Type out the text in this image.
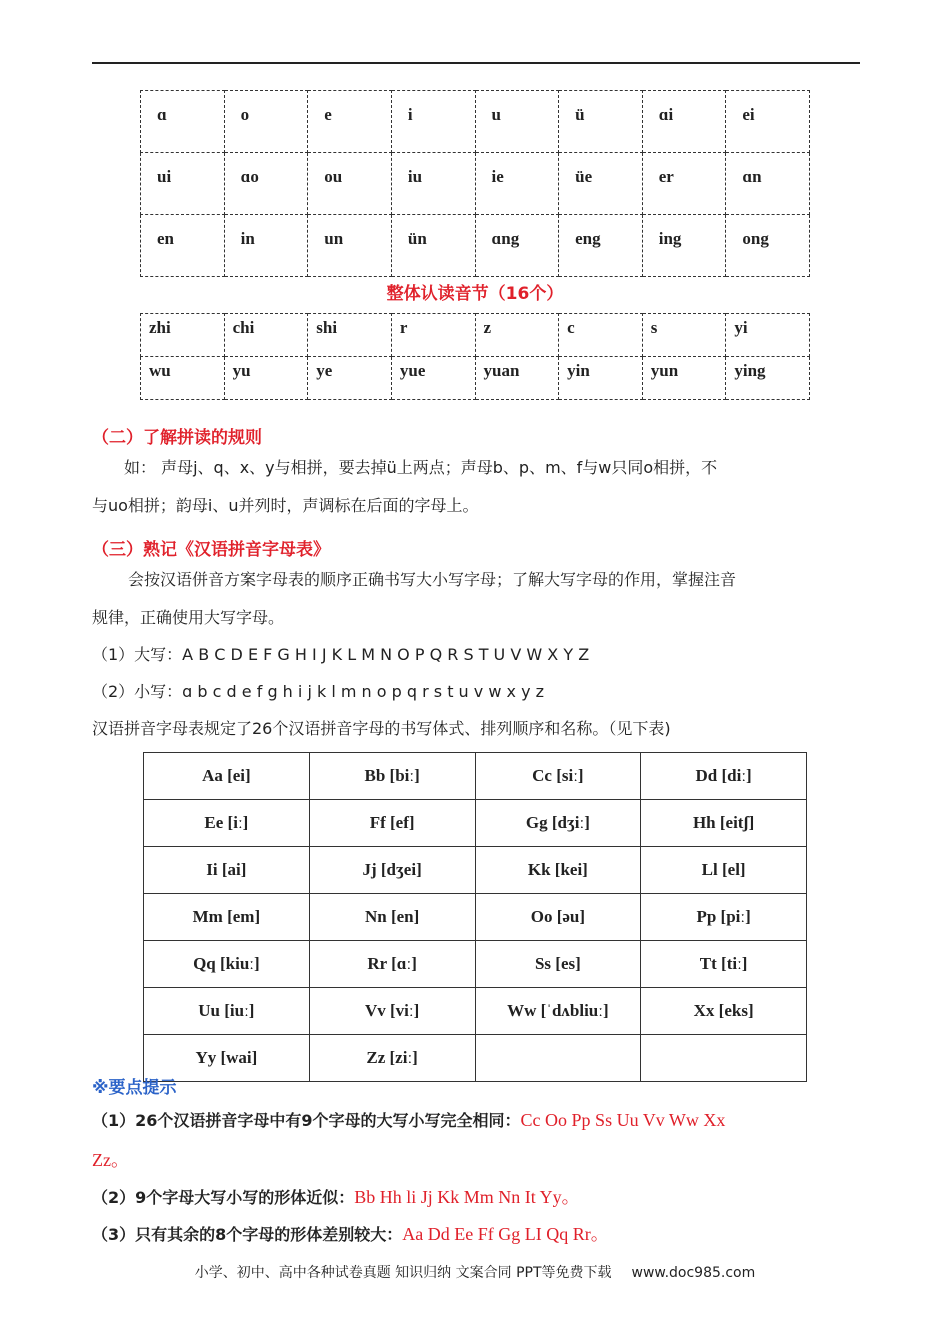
ɑ	o	e	i	u	ü	ɑi	ei
ui	ɑo	ou	iu	ie	üe	er	ɑn
en	in	un	ün	ɑng	eng	ing	ong
整体认读音节（16个）
zhi	chi	shi	r	z	c	s	yi
wu	yu	ye	yue	yuan	yin	yun	ying
（二）了解拼读的规则
如： 声母j、q、x、y与相拼，要去掉ü上两点；声母b、p、m、f与w只同o相拼，不
与uo相拼；韵母i、u并列时，声调标在后面的字母上。
（三）熟记《汉语拼音字母表》
会按汉语併音方案字母表的顺序正确书写大小写字母；了解大写字母的作用，掌握注音
规律，正确使用大写字母。
（1）大写：A B C D E F G H I J K L M N O P Q R S T U V W X Y Z
（2）小写：ɑ b c d e f g h i j k l m n o p q r s t u v w x y z
汉语拼音字母表规定了26个汉语拼音字母的书写体式、排列顺序和名称。（见下表)
Aa [ei]	Bb [biː]	Cc [siː]	Dd [diː]
Ee [iː]	Ff [ef]	Gg [dʒiː]	Hh [eitʃ]
Ii [ai]	Jj [dʒei]	Kk [kei]	Ll [el]
Mm [em]	Nn [en]	Oo [əu]	Pp [piː]
Qq [kiuː]	Rr [ɑː]	Ss [es]	Tt [tiː]
Uu [iuː]	Vv [viː]	Ww [ˈdʌbliuː]	Xx [eks]
Yy [wai]	Zz [ziː]		
※要点提示
（1）26个汉语拼音字母中有9个字母的大写小写完全相同：Cc Oo Pp Ss Uu Vv Ww Xx
Zz。
（2）9个字母大写小写的形体近似：Bb Hh li Jj Kk Mm Nn It Yy。
（3）只有其余的8个字母的形体差别较大：Aa Dd Ee Ff Gg LI Qq Rr。
小学、初中、高中各种试卷真题 知识归纳 文案合同 PPT等免费下载 www.doc985.com
